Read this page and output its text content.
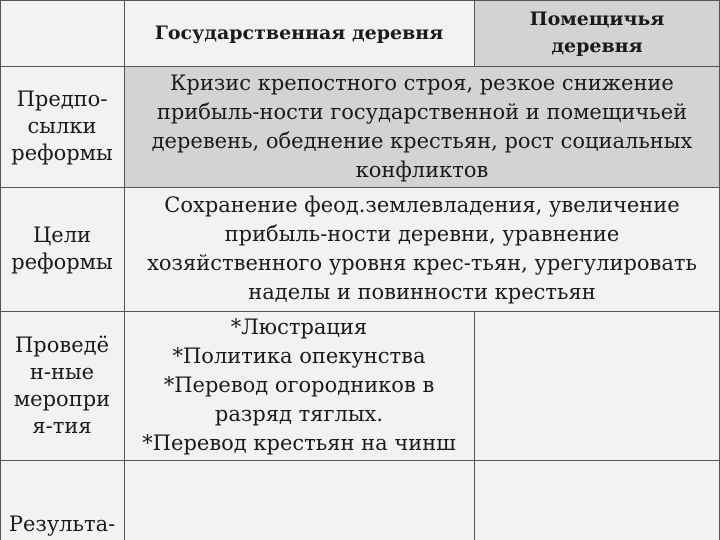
Государственная деревня
Помещичья
деревня
Предпо-
сылки
реформы
Кризис крепостного строя, резкое снижение
прибыль-ности государственной и помещичьей
деревень, обеднение крестьян, рост социальных
конфликтов
Цели
реформы
Сохранение феод.землевладения, увеличение
прибыль-ности деревни, уравнение
хозяйственного уровня крес-тьян, урегулировать
наделы и повинности крестьян
Проведё
н-ные
меропри
я-тия
*Люстрация
*Политика опекунства
*Перевод огородников в
разряд тяглых.
*Перевод крестьян на чинш
Результа-
